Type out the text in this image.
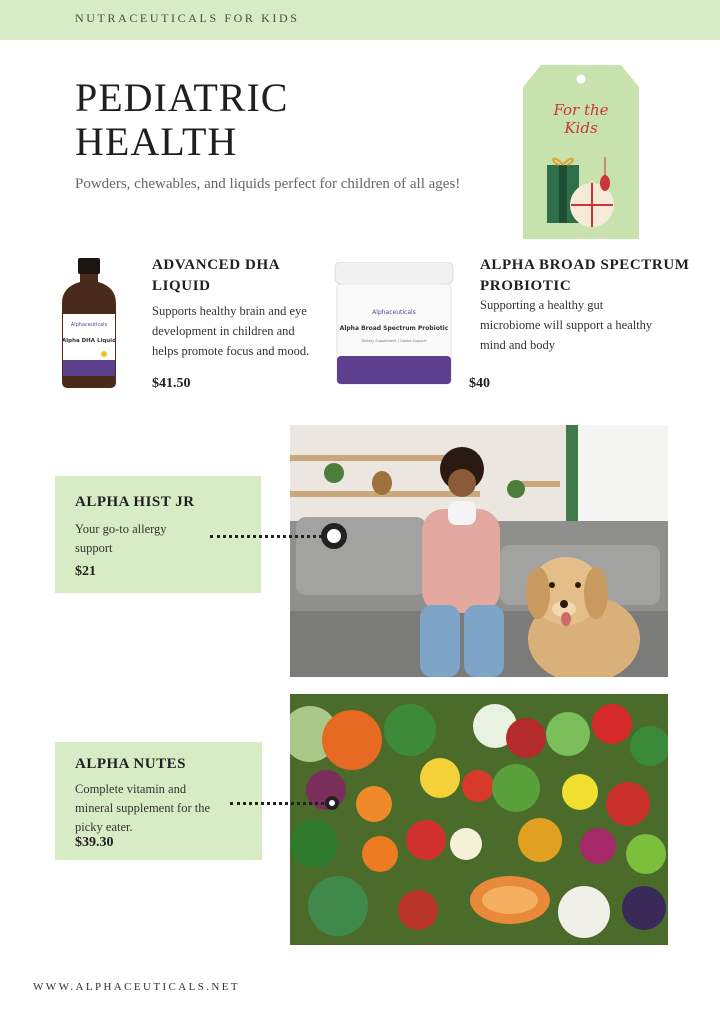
NUTRACEUTICALS FOR KIDS
PEDIATRIC
HEALTH
Powders, chewables, and liquids perfect for children of all ages!
For the
Kids
Alphaceuticals
Alpha DHA Liquid
ADVANCED DHA
LIQUID
Supports healthy brain and eye
development in children and
helps promote focus and mood.
$41.50
Alphaceuticals
Alpha Broad Spectrum Probiotic
Dietary Supplement | Gastro Support
ALPHA BROAD SPECTRUM
PROBIOTIC
Supporting a healthy gut
microbiome will support a healthy
mind and body
$40
ALPHA HIST JR
Your go-to allergy
support
$21
ALPHA NUTES
Complete vitamin and
mineral supplement for the
picky eater.
$39.30
WWW.ALPHACEUTICALS.NET
